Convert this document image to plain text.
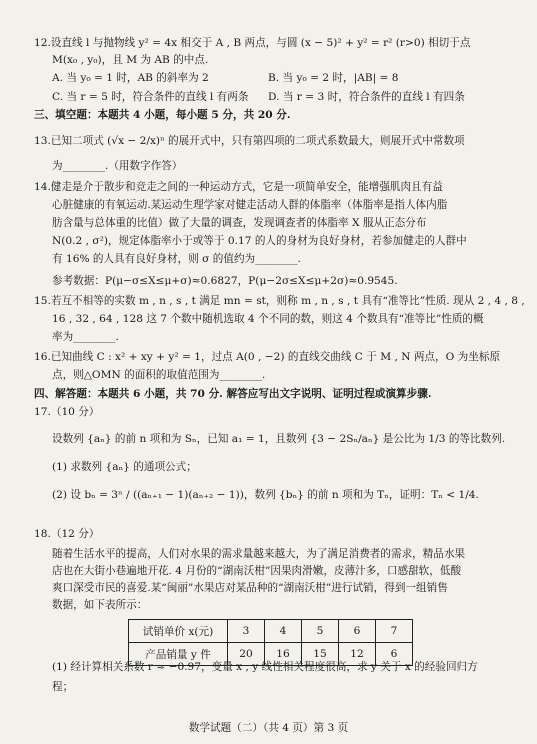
12.设直线 l 与抛物线 y² = 4x 相交于 A , B 两点，与圆 (x − 5)² + y² = r² (r>0) 相切于点
M(x₀ , y₀)，且 M 为 AB 的中点.
A. 当 y₀ = 1 时，AB 的斜率为 2	B. 当 y₀ = 2 时，|AB| = 8
C. 当 r = 5 时，符合条件的直线 l 有两条 D. 当 r = 3 时，符合条件的直线 l 有四条
三、填空题：本题共 4 小题，每小题 5 分，共 20 分.
13.已知二项式 (√x − 2/x)ⁿ 的展开式中，只有第四项的二项式系数最大，则展开式中常数项
为________.（用数字作答）
14.健走是介于散步和竞走之间的一种运动方式，它是一项简单安全，能增强肌肉且有益
心脏健康的有氧运动.某运动生理学家对健走活动人群的体脂率（体脂率是指人体内脂
肪含量与总体重的比值）做了大量的调查，发现调查者的体脂率 X 服从正态分布
N(0.2 , σ²)，规定体脂率小于或等于 0.17 的人的身材为良好身材，若参加健走的人群中
有 16% 的人具有良好身材，则 σ 的值约为________.
参考数据：P(μ−σ≤X≤μ+σ)≈0.6827，P(μ−2σ≤X≤μ+2σ)≈0.9545.
15.若互不相等的实数 m , n , s , t 满足 mn = st，则称 m , n , s , t 具有“准等比”性质. 现从 2 , 4 , 8 ,
16 , 32 , 64 , 128 这 7 个数中随机选取 4 个不同的数，则这 4 个数具有“准等比”性质的概
率为________.
16.已知曲线 C : x² + xy + y² = 1，过点 A(0 , −2) 的直线交曲线 C 于 M , N 两点，O 为坐标原
点，则△OMN 的面积的取值范围为________.
四、解答题：本题共 6 小题，共 70 分. 解答应写出文字说明、证明过程或演算步骤.
17.（10 分）
设数列 {aₙ} 的前 n 项和为 Sₙ，已知 a₁ = 1，且数列 {3 − 2Sₙ/aₙ} 是公比为 1/3 的等比数列.
(1) 求数列 {aₙ} 的通项公式；
(2) 设 bₙ = 3ⁿ / ((aₙ₊₁ − 1)(aₙ₊₂ − 1))，数列 {bₙ} 的前 n 项和为 Tₙ，证明：Tₙ < 1/4.
18.（12 分）
随着生活水平的提高，人们对水果的需求量越来越大，为了满足消费者的需求，精品水果
店也在大街小巷遍地开花. 4 月份的“湖南沃柑”因果肉滑嫩，皮薄汁多，口感甜软，低酸
爽口深受市民的喜爱.某“闽丽”水果店对某品种的“湖南沃柑”进行试销，得到一组销售
试销单价 x(元)	3	4	5	6	7
产品销量 y 件	20	16	15	12	6
数据，如下表所示：
(1) 经计算相关系数 r ≈ −0.97，变量 x , y 线性相关程度很高，求 y 关于 x 的经验回归方
程；
数学试题（二）（共 4 页）第 3 页
